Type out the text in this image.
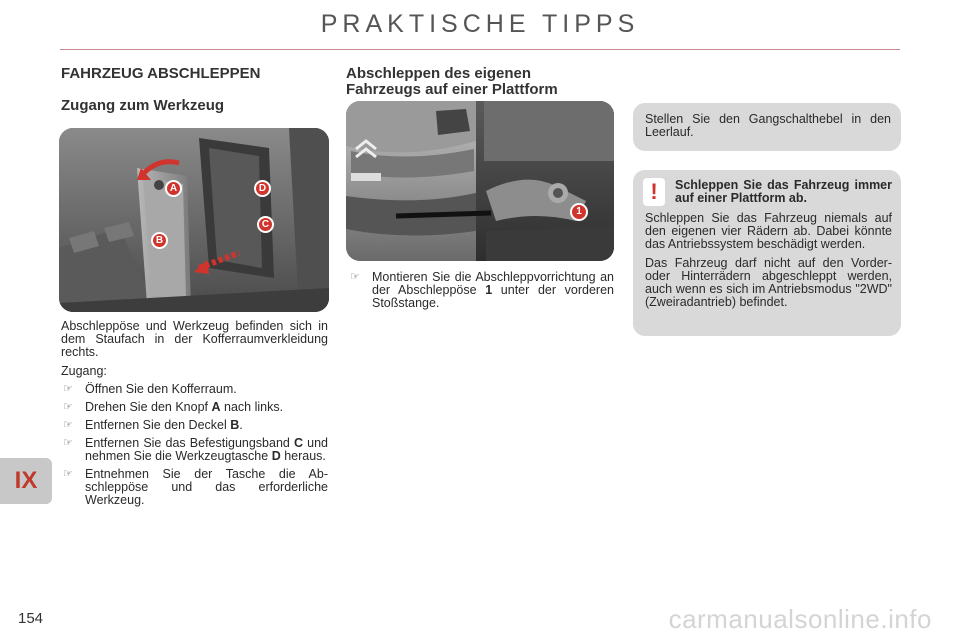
PRAKTISCHE TIPPS
IX
FAHRZEUG ABSCHLEPPEN
Zugang zum Werkzeug
A
B
C
D

Abschleppöse und Werkzeug befinden sich in dem Staufach in der Kofferraumverkleidung rechts.

Zugang:

☞ Öffnen Sie den Kofferraum.
☞ Drehen Sie den Knopf A nach links.
☞ Entfernen Sie den Deckel B.
☞ Entfernen Sie das Befestigungsband C und nehmen Sie die Werkzeugtasche D heraus.
☞ Entnehmen Sie der Tasche die Abschleppöse und das erforderliche Werkzeug.
Abschleppen des eigenen
Fahrzeugs auf einer Plattform
1
☞ Montieren Sie die Abschleppvorrichtung an der Abschleppöse 1 unter der vorderen Stoßstange.
Stellen Sie den Gangschalthebel in den Leerlauf.
!	Schleppen Sie das Fahrzeug immer auf einer Plattform ab.

Schleppen Sie das Fahrzeug niemals auf den eigenen vier Rädern ab. Dabei könnte das Antriebssystem beschädigt werden.

Das Fahrzeug darf nicht auf den Vorder- oder Hinterrädern abgeschleppt werden, auch wenn es sich im Antriebsmodus "2WD" (Zweiradantrieb) befindet.

154	carmanualsonline.info
